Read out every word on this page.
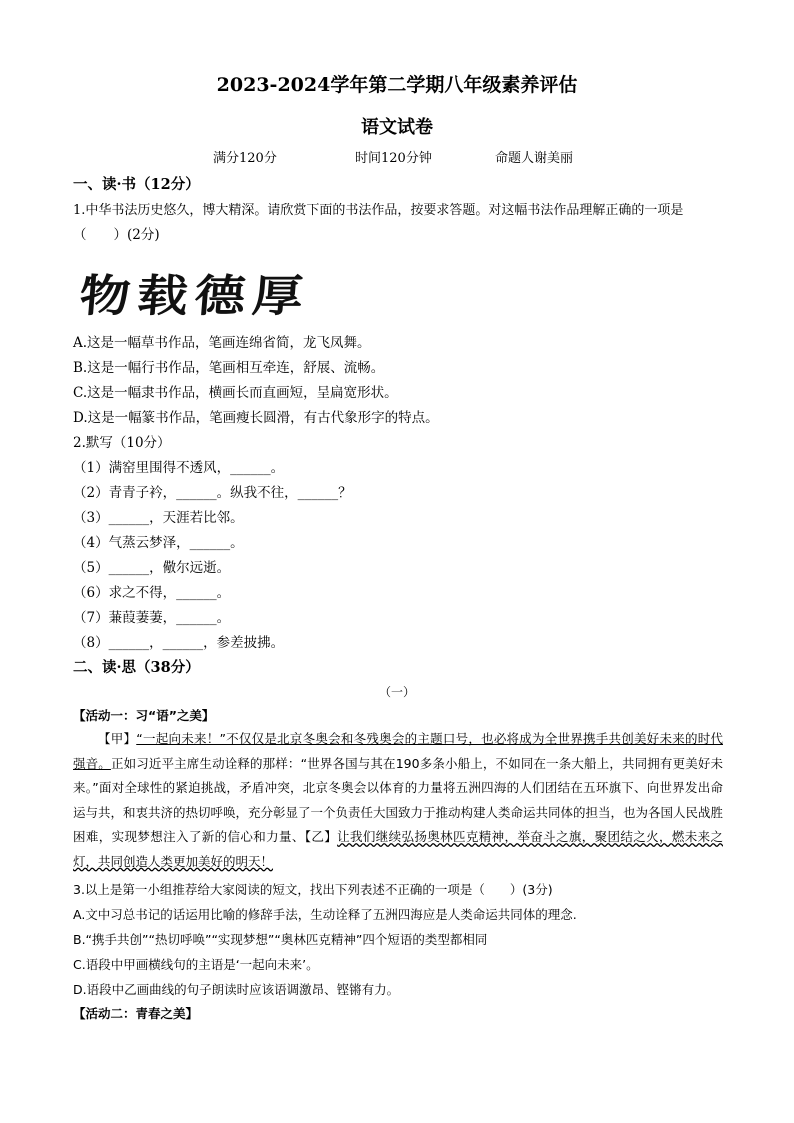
2023-2024学年第二学期八年级素养评估
语文试卷
满分120分	时间120分钟	命题人谢美丽
一、读·书（12分）
1.中华书法历史悠久，博大精深。请欣赏下面的书法作品，按要求答题。对这幅书法作品理解正确的一项是
（　　）(2分)
物载德厚
A.这是一幅草书作品，笔画连绵省简，龙飞凤舞。
B.这是一幅行书作品，笔画相互牵连，舒展、流畅。
C.这是一幅隶书作品，横画长而直画短，呈扁宽形状。
D.这是一幅篆书作品，笔画瘦长圆滑，有古代象形字的特点。
2.默写（10分）
（1）满窑里围得不透风，______。
（2）青青子衿，______。纵我不往，______？
（3）______，天涯若比邻。
（4）气蒸云梦泽，______。
（5）______，儆尔远逝。
（6）求之不得，______。
（7）蒹葭萋萋，______。
（8）______，______，参差披拂。
二、读·思（38分）
（一）
【活动一：习“语”之美】
【甲】“一起向未来！”不仅仅是北京冬奥会和冬残奥会的主题口号，也必将成为全世界携手共创美好未来的时代强音。正如习近平主席生动诠释的那样：“世界各国与其在190多条小船上，不如同在一条大船上，共同拥有更美好未来。”面对全球性的紧迫挑战，矛盾冲突，北京冬奥会以体育的力量将五洲四海的人们团结在五环旗下、向世界发出命运与共，和衷共济的热切呼唤，充分彰显了一个负责任大国致力于推动构建人类命运共同体的担当，也为各国人民战胜困难，实现梦想注入了新的信心和力量、【乙】让我们继续弘扬奥林匹克精神，举奋斗之旗，聚团结之火，燃未来之灯，共同创造人类更加美好的明天！
3.以上是第一小组推荐给大家阅读的短文，找出下列表述不正确的一项是（　　）(3分)
A.文中习总书记的话运用比喻的修辞手法，生动诠释了五洲四海应是人类命运共同体的理念.
B.“携手共创”“热切呼唤”“实现梦想”“奥林匹克精神”四个短语的类型都相同
C.语段中甲画横线句的主语是‘一起向未来’。
D.语段中乙画曲线的句子朗读时应该语调激昂、铿锵有力。
【活动二：青春之美】
